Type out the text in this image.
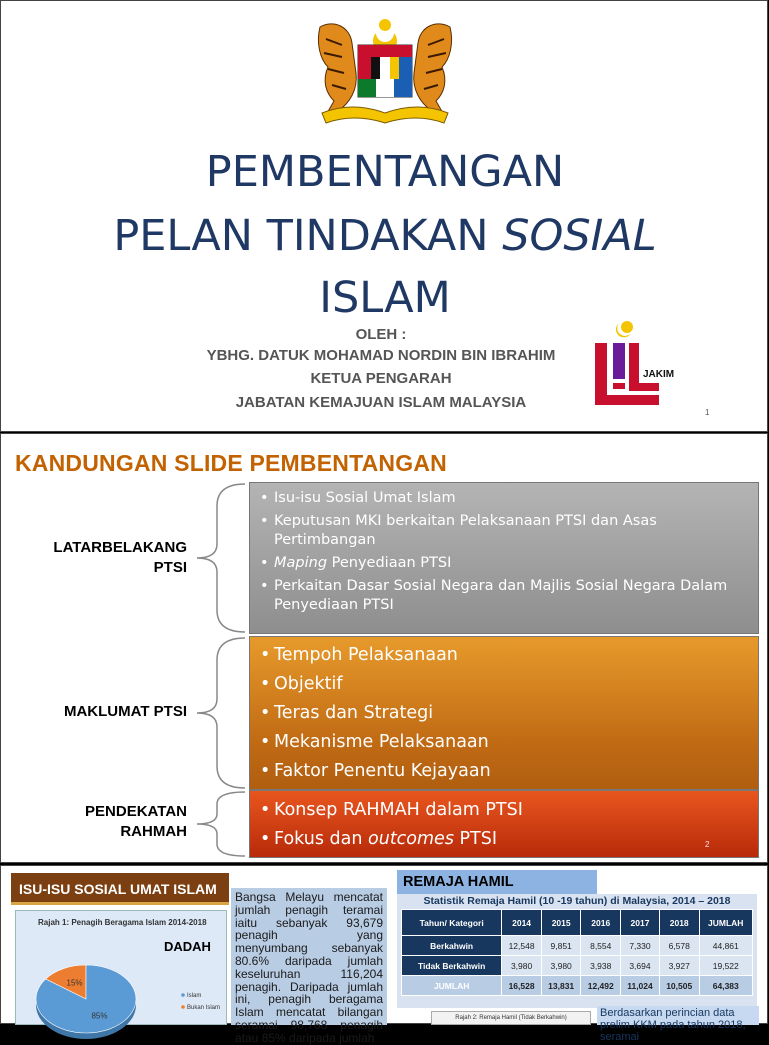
PEMBENTANGAN
PELAN TINDAKAN SOSIAL
ISLAM
OLEH :
YBHG. DATUK MOHAMAD NORDIN BIN IBRAHIM
KETUA PENGARAH
JABATAN KEMAJUAN ISLAM MALAYSIA
JAKIM
1
KANDUNGAN SLIDE PEMBENTANGAN
LATARBELAKANG
PTSI
MAKLUMAT PTSI
PENDEKATAN
RAHMAH
• Isu-isu Sosial Umat Islam
• Keputusan MKI berkaitan Pelaksanaan PTSI dan Asas Pertimbangan
• Maping Penyediaan PTSI
• Perkaitan Dasar Sosial Negara dan Majlis Sosial Negara Dalam Penyediaan PTSI
• Tempoh Pelaksanaan
• Objektif
• Teras dan Strategi
• Mekanisme Pelaksanaan
• Faktor Penentu Kejayaan
• Konsep RAHMAH dalam PTSI
• Fokus dan outcomes PTSI	2
ISU-ISU SOSIAL UMAT ISLAM
Rajah 1: Penagih Beragama Islam 2014-2018
DADAH
15%
85%
Islam
Bukan Islam
Bangsa Melayu mencatat jumlah penagih teramai iaitu sebanyak 93,679 penagih yang menyumbang sebanyak 80.6% daripada jumlah keseluruhan 116,204 penagih. Daripada jumlah ini, penagih beragama Islam mencatat bilangan seramai 98,768 penagih atau 85% daripada jumlah
REMAJA HAMIL
Statistik Remaja Hamil (10 -19 tahun) di Malaysia, 2014 – 2018
Tahun/ Kategori	2014	2015	2016	2017	2018	JUMLAH
Berkahwin	12,548	9,851	8,554	7,330	6,578	44,861
Tidak Berkahwin	3,980	3,980	3,938	3,694	3,927	19,522
JUMLAH	16,528	13,831	12,492	11,024	10,505	64,383
Rajah 2: Remaja Hamil (Tidak Berkahwin)	Berdasarkan perincian data prelim KKM pada tahun 2018, seramai
